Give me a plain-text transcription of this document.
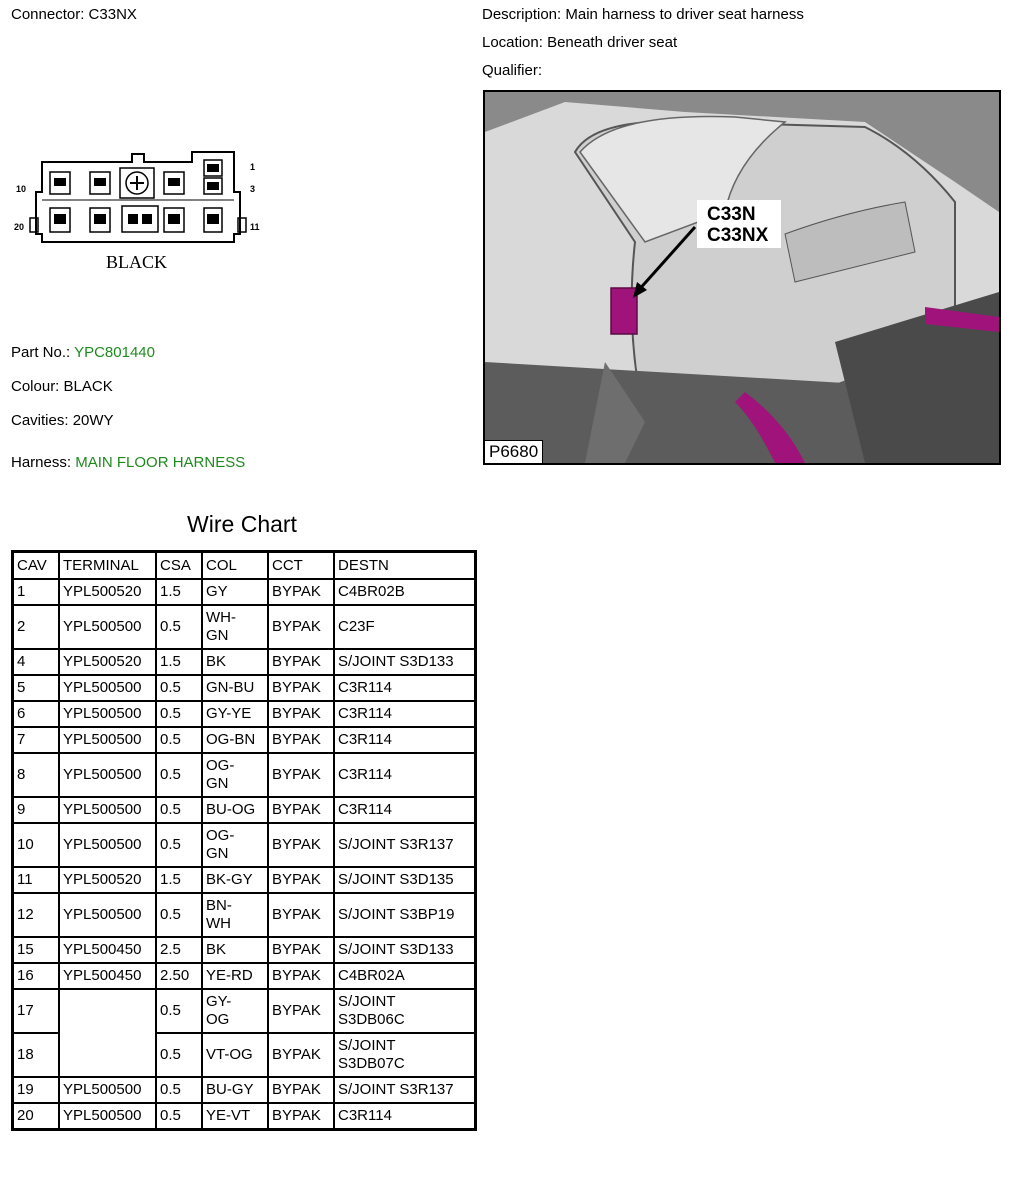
Connector: C33NX	Description: Main harness to driver seat harness
Location: Beneath driver seat
Qualifier:
1
3
10
20	11
BLACK
Part No.: YPC801440
Colour: BLACK
Cavities: 20WY
Harness: MAIN FLOOR HARNESS
C33N
C33NX
P6680
Wire Chart
CAV	TERMINAL	CSA	COL	CCT	DESTN
1	YPL500520	1.5	GY	BYPAK	C4BR02B
2	YPL500500	0.5	WH-
GN	BYPAK	C23F
4	YPL500520	1.5	BK	BYPAK	S/JOINT S3D133
5	YPL500500	0.5	GN-BU	BYPAK	C3R114
6	YPL500500	0.5	GY-YE	BYPAK	C3R114
7	YPL500500	0.5	OG-BN	BYPAK	C3R114
8	YPL500500	0.5	OG-
GN	BYPAK	C3R114
9	YPL500500	0.5	BU-OG	BYPAK	C3R114
10	YPL500500	0.5	OG-
GN	BYPAK	S/JOINT S3R137
11	YPL500520	1.5	BK-GY	BYPAK	S/JOINT S3D135
12	YPL500500	0.5	BN-
WH	BYPAK	S/JOINT S3BP19
15	YPL500450	2.5	BK	BYPAK	S/JOINT S3D133
16	YPL500450	2.50	YE-RD	BYPAK	C4BR02A
17		0.5	GY-
OG	BYPAK	S/JOINT
S3DB06C
18		0.5	VT-OG	BYPAK	S/JOINT
S3DB07C
19	YPL500500	0.5	BU-GY	BYPAK	S/JOINT S3R137
20	YPL500500	0.5	YE-VT	BYPAK	C3R114
